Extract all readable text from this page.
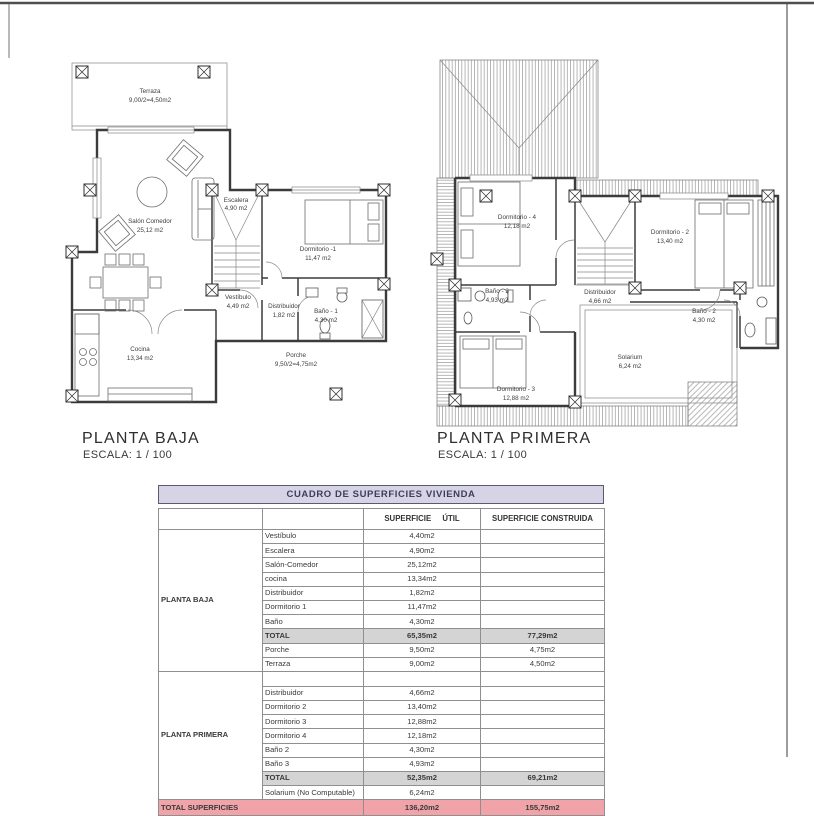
Terraza
9,00/2=4,50m2
Salón Comedor
25,12 m2
Escalera
4,90 m2
Dormitorio -1
11,47 m2
Vestíbulo
4,49 m2	Distribuidor
1,82 m2
Baño - 1
4,30 m2
Cocina
13,34 m2	Porche
9,50/2=4,75m2
Dormitorio - 4
12,18 m2
Dormitorio - 2
13,40 m2
Baño - 3
4,93 m2
Distribuidor
4,66 m2
Baño - 2
4,30 m2
Dormitorio - 3
12,88 m2
Solarium
6,24 m2
PLANTA BAJA
ESCALA: 1 / 100
PLANTA PRIMERA
ESCALA: 1 / 100
CUADRO DE SUPERFICIES VIVIENDA
		SUPERFICIE ÚTIL	SUPERFICIE CONSTRUIDA
PLANTA BAJA	Vestíbulo	4,40m2	
	Escalera	4,90m2	
	Salón-Comedor	25,12m2	
	cocina	13,34m2	
	Distribuidor	1,82m2	
	Dormitorio 1	11,47m2	
	Baño	4,30m2	
	TOTAL	65,35m2	77,29m2
	Porche	9,50m2	4,75m2
	Terraza	9,00m2	4,50m2
PLANTA PRIMERA			
	Distribuidor	4,66m2	
	Dormitorio 2	13,40m2	
	Dormitorio 3	12,88m2	
	Dormitorio 4	12,18m2	
	Baño 2	4,30m2	
	Baño 3	4,93m2	
	TOTAL	52,35m2	69,21m2
	Solarium (No Computable)	6,24m2	
TOTAL SUPERFICIES		136,20m2	155,75m2
